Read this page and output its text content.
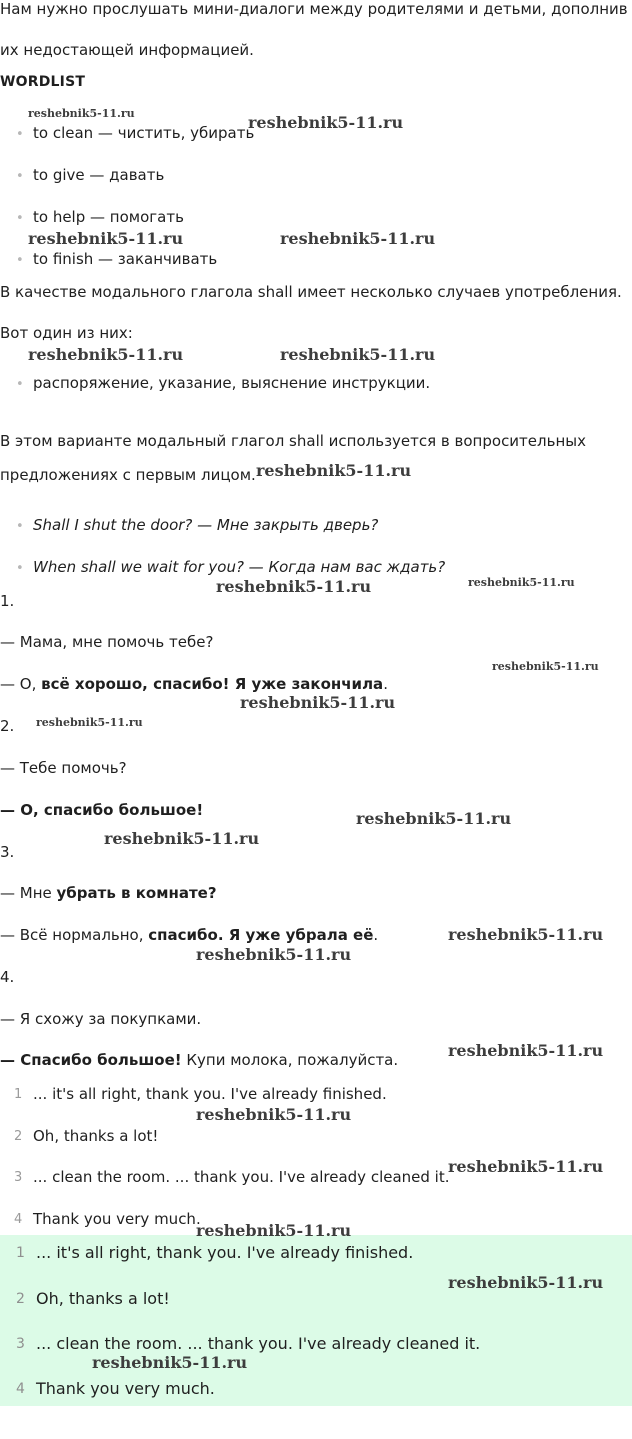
Нам нужно прослушать мини-диалоги между родителями и детьми, дополнив
их недостающей информацией.
WORDLIST
• to clean — чистить, убирать
• to give — давать
• to help — помогать
• to finish — заканчивать
В качестве модального глагола shall имеет несколько случаев употребления.
Вот один из них:
• распоряжение, указание, выяснение инструкции.
В этом варианте модальный глагол shall используется в вопросительных
предложениях с первым лицом.
• Shall I shut the door? — Мне закрыть дверь?
• When shall we wait for you? — Когда нам вас ждать?
1.
— Мама, мне помочь тебе?
— О, всё хорошо, спасибо! Я уже закончила.
2.
— Тебе помочь?
— О, спасибо большое!
3.
— Мне убрать в комнате?
— Всё нормально, спасибо. Я уже убрала её.
4.
— Я схожу за покупками.
— Спасибо большое! Купи молока, пожалуйста.
1 ... it's all right, thank you. I've already finished.
2 Oh, thanks a lot!
3 ... clean the room. ... thank you. I've already cleaned it.
4 Thank you very much.
1 ... it's all right, thank you. I've already finished.
2 Oh, thanks a lot!
3 ... clean the room. ... thank you. I've already cleaned it.
4 Thank you very much.
reshebnik5-11.ru	reshebnik5-11.ru
reshebnik5-11.ru	reshebnik5-11.ru
reshebnik5-11.ru	reshebnik5-11.ru
reshebnik5-11.ru
reshebnik5-11.ru	reshebnik5-11.ru
reshebnik5-11.ru
reshebnik5-11.ru
reshebnik5-11.ru
reshebnik5-11.ru
reshebnik5-11.ru
reshebnik5-11.ru
reshebnik5-11.ru
reshebnik5-11.ru
reshebnik5-11.ru
reshebnik5-11.ru
reshebnik5-11.ru
reshebnik5-11.ru
reshebnik5-11.ru
